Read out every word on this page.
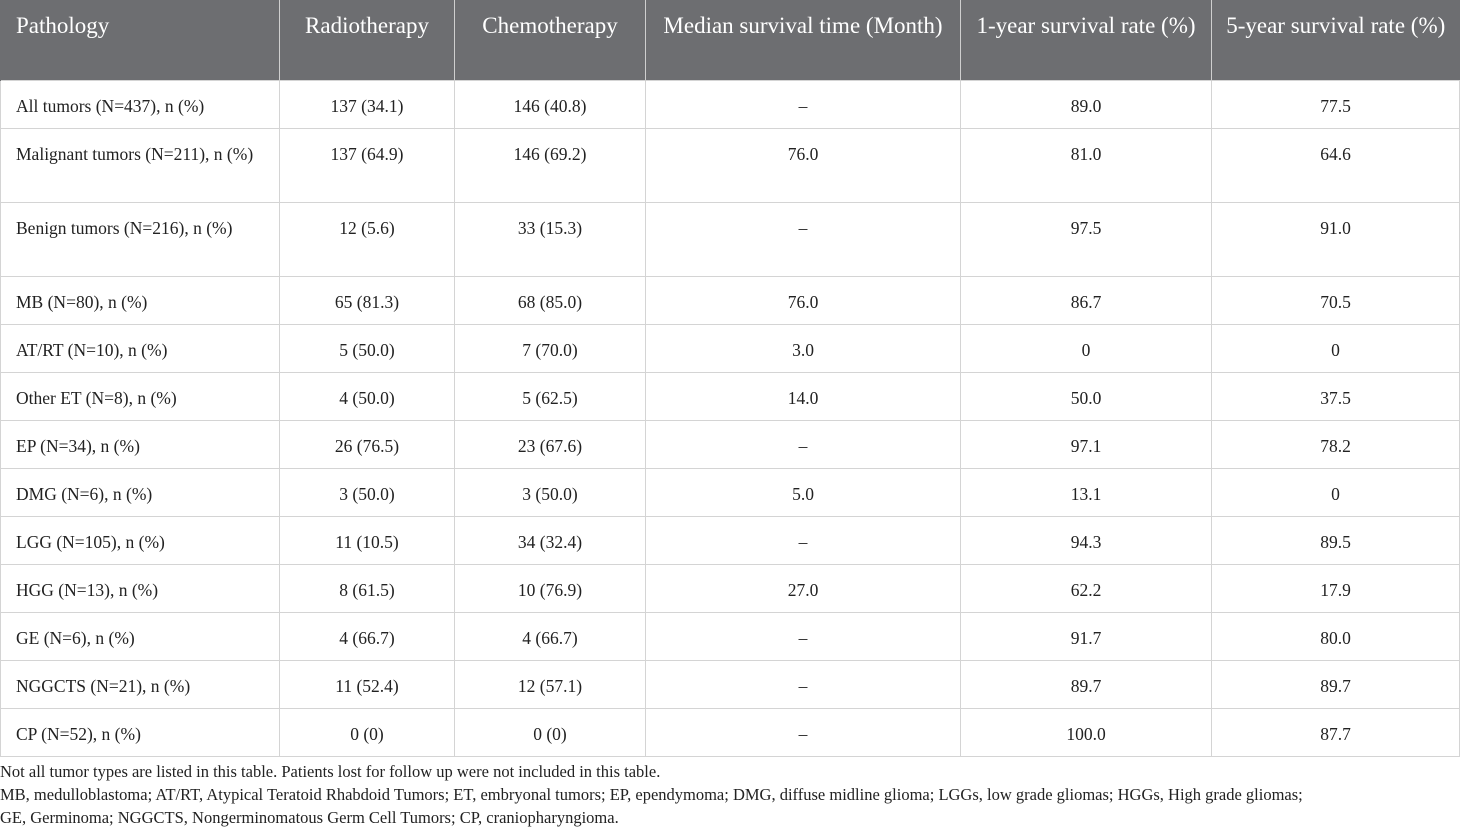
Pathology	Radiotherapy	Chemotherapy	Median survival time (Month)	1-year survival rate (%)	5-year survival rate (%)
All tumors (N=437), n (%)	137 (34.1)	146 (40.8)	–	89.0	77.5
Malignant tumors (N=211), n (%)	137 (64.9)	146 (69.2)	76.0	81.0	64.6
Benign tumors (N=216), n (%)	12 (5.6)	33 (15.3)	–	97.5	91.0
MB (N=80), n (%)	65 (81.3)	68 (85.0)	76.0	86.7	70.5
AT/RT (N=10), n (%)	5 (50.0)	7 (70.0)	3.0	0	0
Other ET (N=8), n (%)	4 (50.0)	5 (62.5)	14.0	50.0	37.5
EP (N=34), n (%)	26 (76.5)	23 (67.6)	–	97.1	78.2
DMG (N=6), n (%)	3 (50.0)	3 (50.0)	5.0	13.1	0
LGG (N=105), n (%)	11 (10.5)	34 (32.4)	–	94.3	89.5
HGG (N=13), n (%)	8 (61.5)	10 (76.9)	27.0	62.2	17.9
GE (N=6), n (%)	4 (66.7)	4 (66.7)	–	91.7	80.0
NGGCTS (N=21), n (%)	11 (52.4)	12 (57.1)	–	89.7	89.7
CP (N=52), n (%)	0 (0)	0 (0)	–	100.0	87.7

Not all tumor types are listed in this table. Patients lost for follow up were not included in this table.

MB, medulloblastoma; AT/RT, Atypical Teratoid Rhabdoid Tumors; ET, embryonal tumors; EP, ependymoma; DMG, diffuse midline glioma; LGGs, low grade gliomas; HGGs, High grade gliomas;

GE, Germinoma; NGGCTS, Nongerminomatous Germ Cell Tumors; CP, craniopharyngioma.
